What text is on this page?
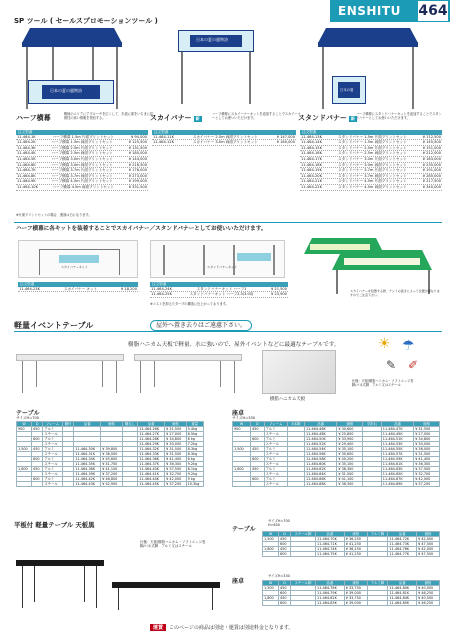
ENSHITU 464
SP ツール ( セールスプロモーションツール )
日本の夏の風物詩
日本の夏の風物詩
日本の夏
ハーフ横幕	敷地のエリアにアプローチを広くして、歩道に面をいちまに拡散性の高い情報を発信する。
注文型番
11-464-1K	ハーフ横幕 1.5m 片面プリントセット	¥ 94,000
11-464-2K	ハーフ横幕 1.5m 両面プリントセット	¥ 125,500
11-464-3K	ハーフ横幕 2.5m 片面プリントセット	¥ 131,500
11-464-4K	ハーフ横幕 2.5m 両面プリントセット	¥ 180,000
11-464-5K	ハーフ横幕 3.0m 片面プリントセット	¥ 144,000
11-464-6K	ハーフ横幕 3.0m 両面プリントセット	¥ 216,500
11-464-7K	ハーフ横幕 3.7m 片面プリントセット	¥ 176,000
11-464-8K	ハーフ横幕 3.7m 両面プリントセット	¥ 273,000
11-464-9K	ハーフ横幕 4.5m 片面プリントセット	¥ 199,000
11-464-10K	ハーフ横幕 4.5m 両面プリントセット	¥ 331,500
※片面プリントセットの場合、裏面は白になります。
スカイバナー 新
ハーフ横幕にスカイバナーキットを追加することでスカイバナーとしてお使いいただけます。
注文型番
11-464-11K	スカイバナー 2.5m 両面プリントセット	¥ 147,000
11-464-12K	スカイバナー 3.0m 両面プリントセット	¥ 160,000
スタンドバナー 新
ハーフ横幕にスタンドバナーキットを追加することでスタンドバナーとしてお使いいただけます。
注文型番
11-464-13K	スタンドバナー 1.5m 片面プリントセット	¥ 112,500
11-464-14K	スタンドバナー 1.5m 両面プリントセット	¥ 145,500
11-464-15K	スタンドバナー 2.5m 片面プリントセット	¥ 151,000
11-464-16K	スタンドバナー 2.5m 両面プリントセット	¥ 212,000
11-464-17K	スタンドバナー 3.0m 片面プリントセット	¥ 163,000
11-464-18K	スタンドバナー 3.0m 両面プリントセット	¥ 235,000
11-464-19K	スタンドバナー 3.7m 片面プリントセット	¥ 191,000
11-464-20K	スタンドバナー 3.7m 両面プリントセット	¥ 285,000
11-464-21K	スタンドバナー 4.5m 片面プリントセット	¥ 217,500
11-464-22K	スタンドバナー 4.5m 両面プリントセット	¥ 340,000
ハーフ横幕に各キットを装着することでスカイバナー／スタンドバナーとしてお使いいただけます。
スカイバナーキット
注文型番
11-464-23K	スカイバナー キット	¥ 18,200
スタンドバナーキット
注文型番
11-464-24K	スタンドバナーキット ハーフ1	¥ 21,500
11-464-25K	スタンドバナーキット ハーフ2.5/3.0用	¥ 23,900
※コストを抑えたタープの構造に仕上がっております。
スカイバナーを設置する際、テントの高さによって位置が異なりますのでご注意下さい。
軽量イベントテーブル	屋外へ置き去りはご遠慮下さい。
樹脂ハニカム天板で軽量、水に強いので、屋外イベントなどに最適なテーブルです。
樹脂ハニカム天板
☀ ☂
✎ ✐
仕様：天板/樹脂ハニカム・ソフトエッジ巻
脚/パネ式脚　アルミ又はスチール
テーブル
サイズH=700
W	D	フレーム	棚付	品番	価格	棚なし	品番	価格	重量
900	450	アルミ					11-464-26K	¥ 31,500	5.4kg
		スチール					11-464-27K	¥ 27,000	6.5kg
	600	アルミ					11-464-28K	¥ 34,800	6 kg
		スチール					11-464-29K	¥ 30,000	7.2kg
1,500	450	アルミ		11-464-30K	¥ 39,800		11-464-32K	¥ 31,500	8.3kg
		スチール		11-464-31K	¥ 36,000		11-464-33K	¥ 31,500	8.3kg
	600	アルミ		11-464-34K	¥ 45,600		11-464-36K	¥ 41,400	8 kg
		スチール		11-464-35K	¥ 41,700		11-464-37K	¥ 36,300	9.2kg
1,800	450	アルミ		11-464-38K	¥ 41,100		11-464-40K	¥ 37,500	8.1kg
		スチール		11-464-39K	¥ 37,200		11-464-41K	¥ 32,700	9.2kg
	600	アルミ		11-464-42K	¥ 46,800		11-464-44K	¥ 42,000	9 kg
		スチール		11-464-43K	¥ 42,900		11-464-45K	¥ 37,200	10.3kg
座卓
サイズH=330
W	D	フレーム	4本脚	品番	価格	平折れ	品番	価格
900	450	アルミ		11-464-46K	¥ 30,600		11-464-47K	¥ 31,500
		スチール		11-464-48K	¥ 25,800		11-464-49K	¥ 27,000
	600	アルミ		11-464-50K	¥ 33,900		11-464-51K	¥ 34,800
		スチール		11-464-52K	¥ 29,400		11-464-53K	¥ 30,000
1,500	450	アルミ		11-464-54K	¥ 35,100		11-464-55K	¥ 36,000
		スチール		11-464-56K	¥ 30,600		11-464-57K	¥ 31,500
	600	アルミ		11-464-58K	¥ 40,200		11-464-59K	¥ 41,400
		スチール		11-464-60K	¥ 35,100		11-464-61K	¥ 36,300
1,800	450	アルミ		11-464-62K	¥ 36,300		11-464-63K	¥ 37,500
		スチール		11-464-64K	¥ 31,500		11-464-65K	¥ 32,700
	600	アルミ		11-464-66K	¥ 41,100		11-464-67K	¥ 42,000
		スチール		11-464-68K	¥ 36,300		11-464-69K	¥ 37,200
平板付 軽量テーブル 天板黒
仕様：天板/樹脂ハニカム・ソフトエッジ巻
脚/パネ式脚　アルミ又はスチール
テーブル
サイズH=700
H=630
W	D	スチール脚	品番	価格	アルミ脚	品番	価格
1,500	450		11-464-70K	¥ 36,250		11-464-72K	¥ 42,000
	600		11-464-71K	¥ 41,250		11-464-73K	¥ 47,500
1,800	450		11-464-74K	¥ 36,250		11-464-76K	¥ 42,000
	600		11-464-75K	¥ 41,250		11-464-77K	¥ 47,500
座卓
サイズH=330
W	D	スチール脚	品番	価格	アルミ脚	品番	価格
1,500	450		11-464-78K	¥ 33,750		11-464-80K	¥ 40,500
	600		11-464-79K	¥ 39,000		11-464-81K	¥ 46,250
1,800	450		11-464-82K	¥ 33,750		11-464-84K	¥ 40,500
	600		11-464-83K	¥ 39,000		11-464-85K	¥ 46,250
運賃 このページの商品は別途・運賃は別途料金となります。
